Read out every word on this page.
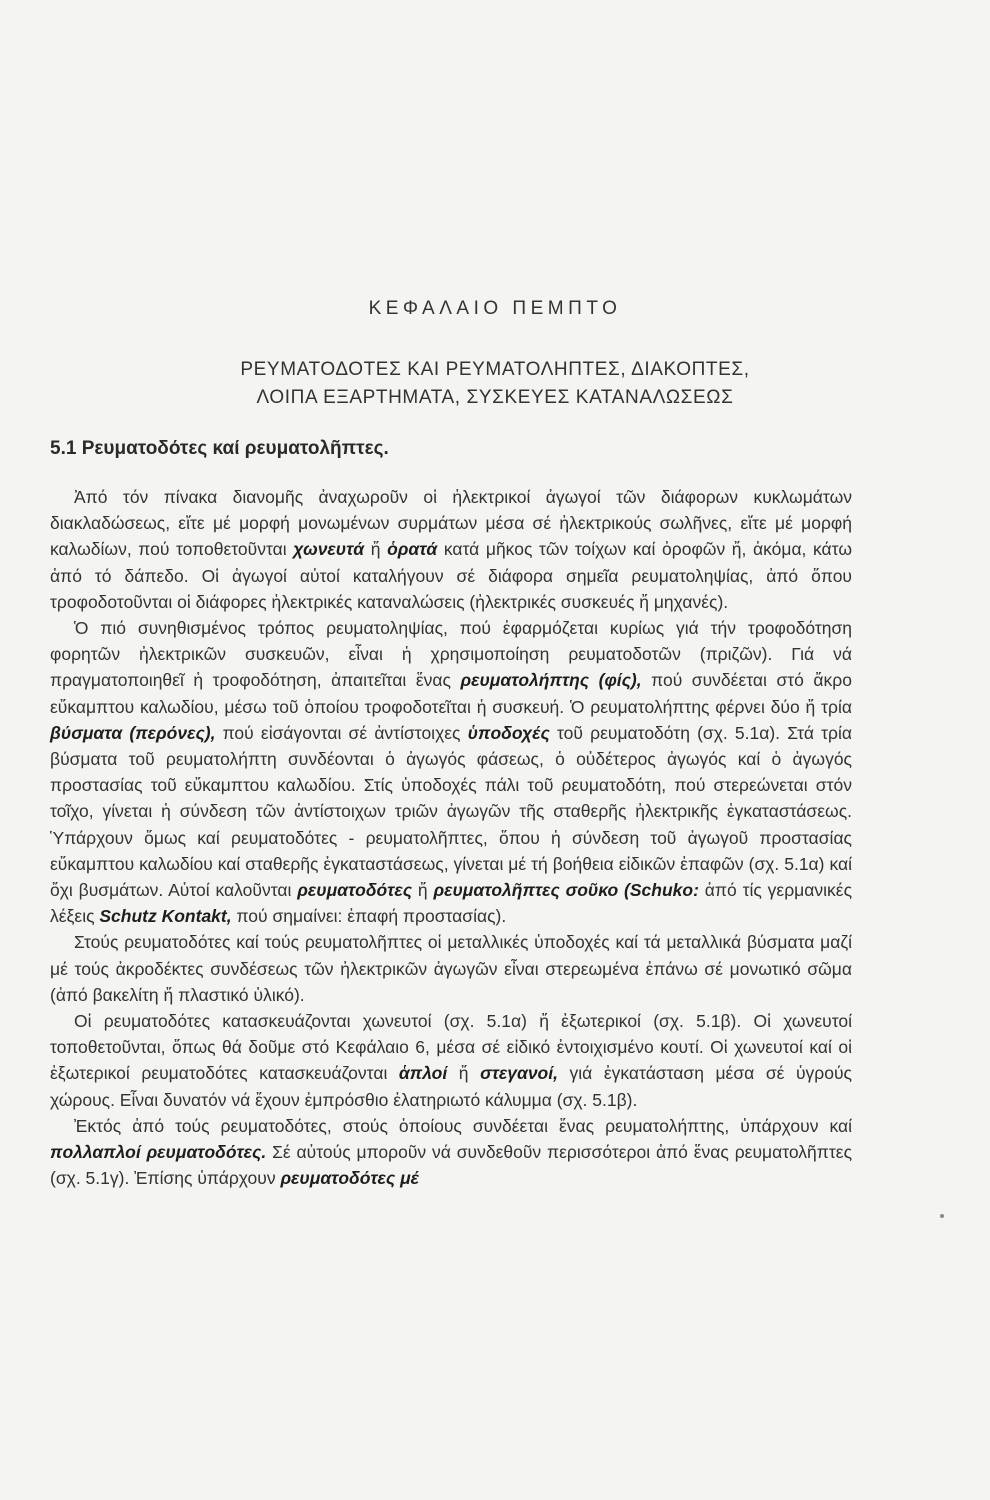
ΚΕΦΑΛΑΙΟ ΠΕΜΠΤΟ
ΡΕΥΜΑΤΟΔΟΤΕΣ ΚΑΙ ΡΕΥΜΑΤΟΛΗΠΤΕΣ, ΔΙΑΚΟΠΤΕΣ,
ΛΟΙΠΑ ΕΞΑΡΤΗΜΑΤΑ, ΣΥΣΚΕΥΕΣ ΚΑΤΑΝΑΛΩΣΕΩΣ
5.1 Ρευματοδότες καί ρευματολῆπτες.

Ἀπό τόν πίνακα διανομῆς ἀναχωροῦν οἱ ἠλεκτρικοί ἀγωγοί τῶν διάφορων κυκλωμάτων διακλαδώσεως, εἴτε μέ μορφή μονωμένων συρμάτων μέσα σέ ἠλεκτρικούς σωλῆνες, εἴτε μέ μορφή καλωδίων, πού τοποθετοῦνται χωνευτά ἤ ὁρατά κατά μῆκος τῶν τοίχων καί ὀροφῶν ἤ, ἀκόμα, κάτω ἀπό τό δάπεδο. Οἱ ἀγωγοί αὐτοί καταλήγουν σέ διάφορα σημεῖα ρευματοληψίας, ἀπό ὅπου τροφοδοτοῦνται οἱ διάφορες ἠλεκτρικές καταναλώσεις (ἠλεκτρικές συσκευές ἤ μηχανές).

Ὁ πιό συνηθισμένος τρόπος ρευματοληψίας, πού ἐφαρμόζεται κυρίως γιά τήν τροφοδότηση φορητῶν ἠλεκτρικῶν συσκευῶν, εἶναι ἡ χρησιμοποίηση ρευματοδοτῶν (πριζῶν). Γιά νά πραγματοποιηθεῖ ἡ τροφοδότηση, ἀπαιτεῖται ἕνας ρευματολήπτης (φίς), πού συνδέεται στό ἄκρο εὔκαμπτου καλωδίου, μέσω τοῦ ὁποίου τροφοδοτεῖται ἡ συσκευή. Ὁ ρευματολήπτης φέρνει δύο ἤ τρία βύσματα (περόνες), πού εἰσάγονται σέ ἀντίστοιχες ὑποδοχές τοῦ ρευματοδότη (σχ. 5.1α). Στά τρία βύσματα τοῦ ρευματολήπτη συνδέονται ὁ ἀγωγός φάσεως, ὁ οὐδέτερος ἀγωγός καί ὁ ἀγωγός προστασίας τοῦ εὔκαμπτου καλωδίου. Στίς ὑποδοχές πάλι τοῦ ρευματοδότη, πού στερεώνεται στόν τοῖχο, γίνεται ἡ σύνδεση τῶν ἀντίστοιχων τριῶν ἀγωγῶν τῆς σταθερῆς ἠλεκτρικῆς ἐγκαταστάσεως. Ὑπάρχουν ὅμως καί ρευματοδότες - ρευματολῆπτες, ὅπου ἡ σύνδεση τοῦ ἀγωγοῦ προστασίας εὔκαμπτου καλωδίου καί σταθερῆς ἐγκαταστάσεως, γίνεται μέ τή βοήθεια εἰδικῶν ἐπαφῶν (σχ. 5.1α) καί ὄχι βυσμάτων. Αὐτοί καλοῦνται ρευματοδότες ἤ ρευματολῆπτες σοῦκο (Schuko: ἀπό τίς γερμανικές λέξεις Schutz Kontakt, πού σημαίνει: ἐπαφή προστασίας).

Στούς ρευματοδότες καί τούς ρευματολῆπτες οἱ μεταλλικές ὑποδοχές καί τά μεταλλικά βύσματα μαζί μέ τούς ἀκροδέκτες συνδέσεως τῶν ἠλεκτρικῶν ἀγωγῶν εἶναι στερεωμένα ἐπάνω σέ μονωτικό σῶμα (ἀπό βακελίτη ἤ πλαστικό ὑλικό).

Οἱ ρευματοδότες κατασκευάζονται χωνευτοί (σχ. 5.1α) ἤ ἐξωτερικοί (σχ. 5.1β). Οἱ χωνευτοί τοποθετοῦνται, ὅπως θά δοῦμε στό Κεφάλαιο 6, μέσα σέ εἰδικό ἐντοιχισμένο κουτί. Οἱ χωνευτοί καί οἱ ἐξωτερικοί ρευματοδότες κατασκευάζονται ἁπλοί ἤ στεγανοί, γιά ἐγκατάσταση μέσα σέ ὑγρούς χώρους. Εἶναι δυνατόν νά ἔχουν ἐμπρόσθιο ἐλατηριωτό κάλυμμα (σχ. 5.1β).

Ἐκτός ἀπό τούς ρευματοδότες, στούς ὁποίους συνδέεται ἕνας ρευματολήπτης, ὑπάρχουν καί πολλαπλοί ρευματοδότες. Σέ αὐτούς μποροῦν νά συνδεθοῦν περισσότεροι ἀπό ἕνας ρευματολῆπτες (σχ. 5.1γ). Ἐπίσης ὑπάρχουν ρευματοδότες μέ
